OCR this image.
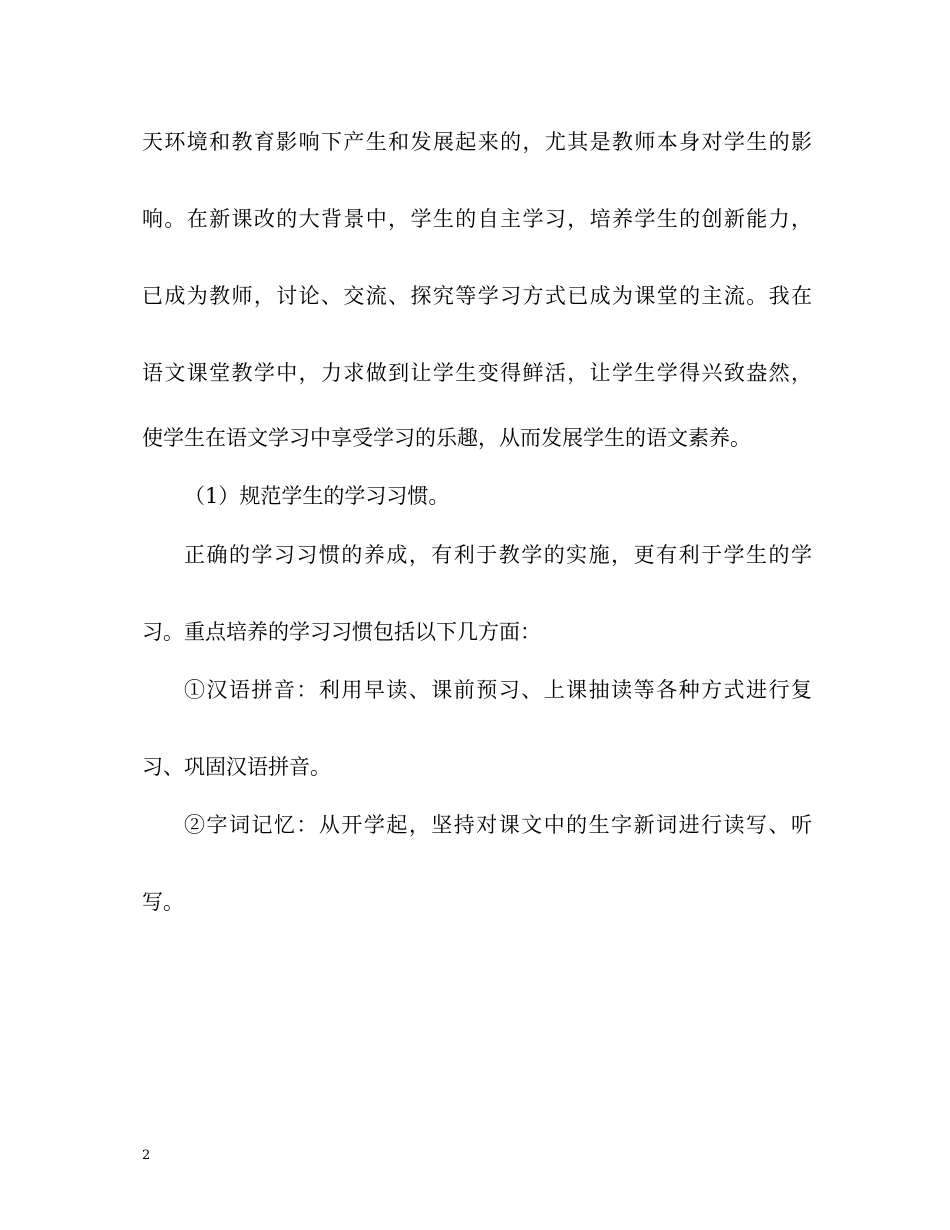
天环境和教育影响下产生和发展起来的，尤其是教师本身对学生的影
响。在新课改的大背景中，学生的自主学习，培养学生的创新能力，
已成为教师，讨论、交流、探究等学习方式已成为课堂的主流。我在
语文课堂教学中，力求做到让学生变得鲜活，让学生学得兴致盎然，
使学生在语文学习中享受学习的乐趣，从而发展学生的语文素养。
（1）规范学生的学习习惯。
正确的学习习惯的养成，有利于教学的实施，更有利于学生的学
习。重点培养的学习习惯包括以下几方面：
①汉语拼音：利用早读、课前预习、上课抽读等各种方式进行复
习、巩固汉语拼音。
②字词记忆：从开学起，坚持对课文中的生字新词进行读写、听
写。
2
